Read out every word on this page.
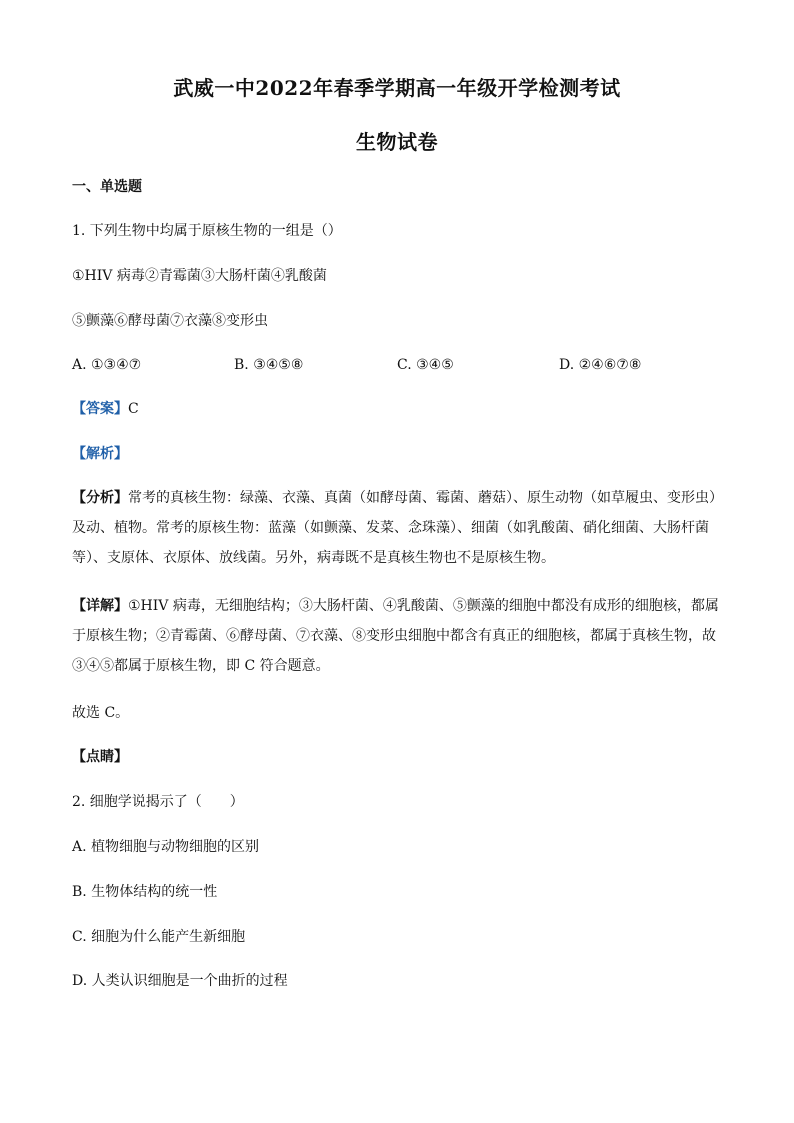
武威一中2022年春季学期高一年级开学检测考试
生物试卷
一、单选题
1. 下列生物中均属于原核生物的一组是（）
①HIV 病毒②青霉菌③大肠杆菌④乳酸菌
⑤颤藻⑥酵母菌⑦衣藻⑧变形虫
A. ①③④⑦	B. ③④⑤⑧	C. ③④⑤	D. ②④⑥⑦⑧
【答案】C
【解析】
【分析】常考的真核生物：绿藻、衣藻、真菌（如酵母菌、霉菌、蘑菇）、原生动物（如草履虫、变形虫）及动、植物。常考的原核生物：蓝藻（如颤藻、发菜、念珠藻）、细菌（如乳酸菌、硝化细菌、大肠杆菌等）、支原体、衣原体、放线菌。另外，病毒既不是真核生物也不是原核生物。
【详解】①HIV 病毒，无细胞结构；③大肠杆菌、④乳酸菌、⑤颤藻的细胞中都没有成形的细胞核，都属于原核生物；②青霉菌、⑥酵母菌、⑦衣藻、⑧变形虫细胞中都含有真正的细胞核，都属于真核生物，故③④⑤都属于原核生物，即 C 符合题意。
故选 C。
【点睛】
2. 细胞学说揭示了（　　）
A. 植物细胞与动物细胞的区别
B. 生物体结构的统一性
C. 细胞为什么能产生新细胞
D. 人类认识细胞是一个曲折的过程
